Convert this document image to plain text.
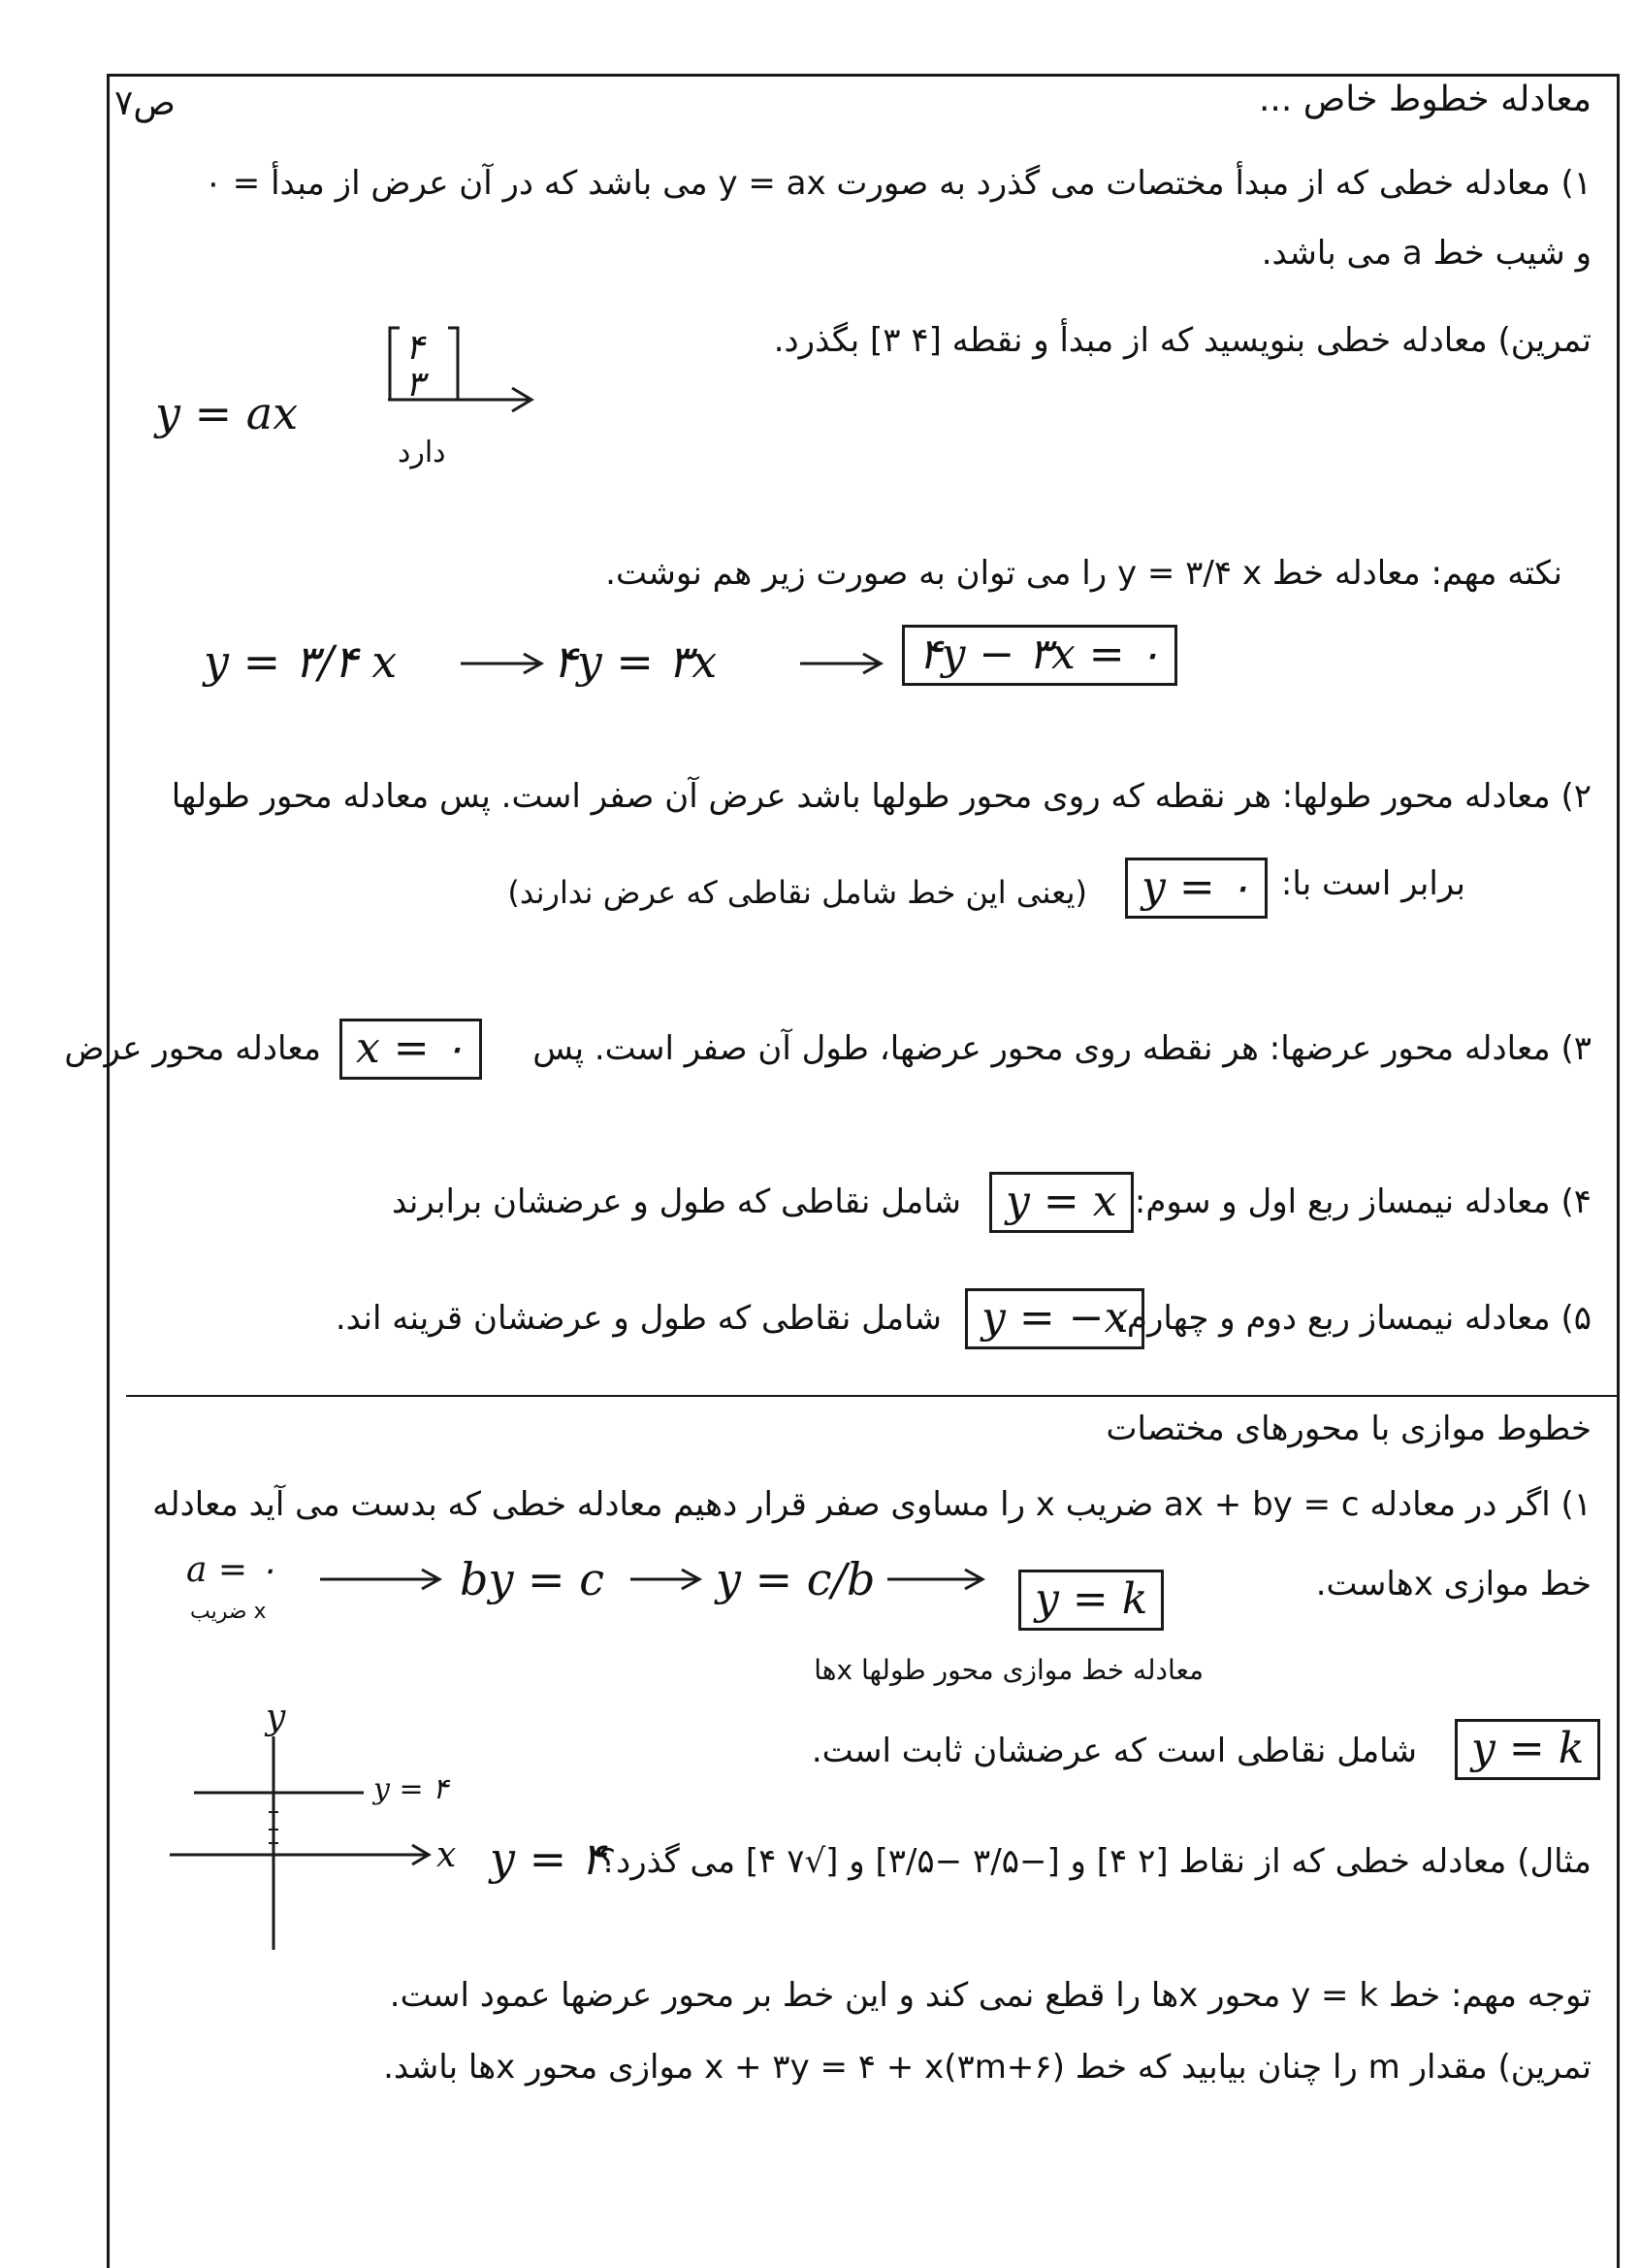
۷ص	معادله خطوط خاص ...
۱) معادله خطی که از مبدأ مختصات می گذرد به صورت y = ax می باشد که در آن عرض از مبدأ = ۰
و شیب خط a می باشد.
تمرین) معادله خطی بنویسید که از مبدأ و نقطه [۴ ۳] بگذرد.
y = ax
۴
۳
دارد
نکته مهم: معادله خط y = ۳/۴ x را می توان به صورت زیر هم نوشت.
y = ۳/۴ x	۴y = ۳x	۴y − ۳x = ۰
۲) معادله محور طولها: هر نقطه که روی محور طولها باشد عرض آن صفر است. پس معادله محور طولها
برابر است با:
y = ۰
(یعنی این خط شامل نقاطی که عرض ندارند)
۳) معادله محور عرضها: هر نقطه روی محور عرضها، طول آن صفر است. پس
x = ۰
معادله محور عرض
۴) معادله نیمساز ربع اول و سوم:
y = x
شامل نقاطی که طول و عرضشان برابرند
۵) معادله نیمساز ربع دوم و چهارم:
y = −x
شامل نقاطی که طول و عرضشان قرینه اند.
خطوط موازی با محورهای مختصات
۱) اگر در معادله ax + by = c ضریب x را مساوی صفر قرار دهیم معادله خطی که بدست می آید معادله
خط موازی xهاست.
a = ۰
ضریب x
by = c	y = c/b	y = k
معادله خط موازی محور طولها xها
y = k
شامل نقاطی است که عرضشان ثابت است.
y
x
y = ۴
y = ۴
مثال) معادله خطی که از نقاط [۲ ۴] و [−۳/۵ −۳/۵] و [√۷ ۴] می گذرد؟
توجه مهم: خط y = k محور xها را قطع نمی کند و این خط بر محور عرضها عمود است.
تمرین) مقدار m را چنان بیابید که خط (۳m+۶)x + ۳y = ۴ + x موازی محور xها باشد.
